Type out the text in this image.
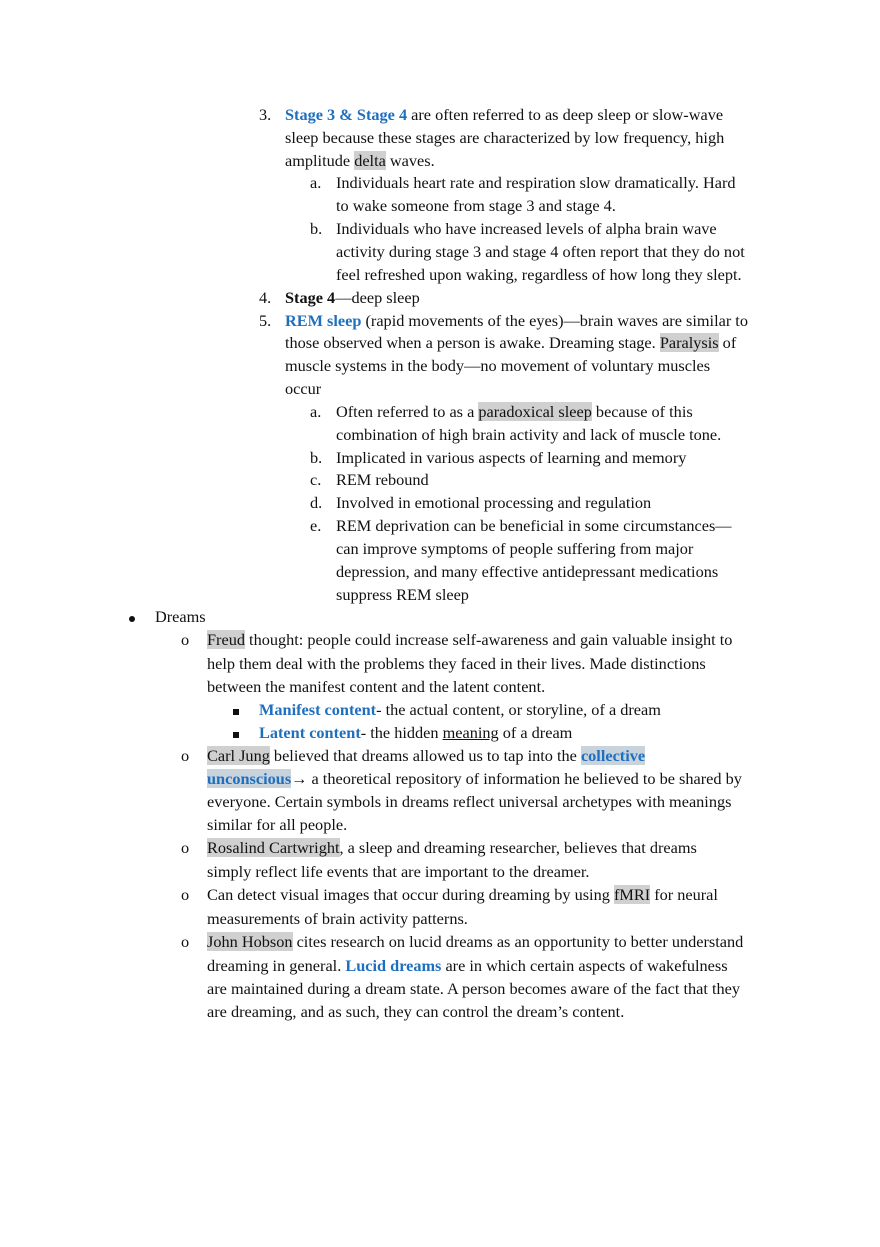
3. Stage 3 & Stage 4 are often referred to as deep sleep or slow-wave
sleep because these stages are characterized by low frequency, high
amplitude delta waves.
a. Individuals heart rate and respiration slow dramatically. Hard
to wake someone from stage 3 and stage 4.
b. Individuals who have increased levels of alpha brain wave
activity during stage 3 and stage 4 often report that they do not
feel refreshed upon waking, regardless of how long they slept.
4. Stage 4—deep sleep
5. REM sleep (rapid movements of the eyes)—brain waves are similar to
those observed when a person is awake. Dreaming stage. Paralysis of
muscle systems in the body—no movement of voluntary muscles
occur
a. Often referred to as a paradoxical sleep because of this
combination of high brain activity and lack of muscle tone.
b. Implicated in various aspects of learning and memory
c. REM rebound
d. Involved in emotional processing and regulation
e. REM deprivation can be beneficial in some circumstances—
can improve symptoms of people suffering from major
depression, and many effective antidepressant medications
suppress REM sleep
Dreams
o Freud thought: people could increase self-awareness and gain valuable insight to
help them deal with the problems they faced in their lives. Made distinctions
between the manifest content and the latent content.
Manifest content- the actual content, or storyline, of a dream
Latent content- the hidden meaning of a dream
o Carl Jung believed that dreams allowed us to tap into the collective
unconscious→ a theoretical repository of information he believed to be shared by
everyone. Certain symbols in dreams reflect universal archetypes with meanings
similar for all people.
o Rosalind Cartwright, a sleep and dreaming researcher, believes that dreams
simply reflect life events that are important to the dreamer.
o Can detect visual images that occur during dreaming by using fMRI for neural
measurements of brain activity patterns.
o John Hobson cites research on lucid dreams as an opportunity to better understand
dreaming in general. Lucid dreams are in which certain aspects of wakefulness
are maintained during a dream state. A person becomes aware of the fact that they
are dreaming, and as such, they can control the dream’s content.
